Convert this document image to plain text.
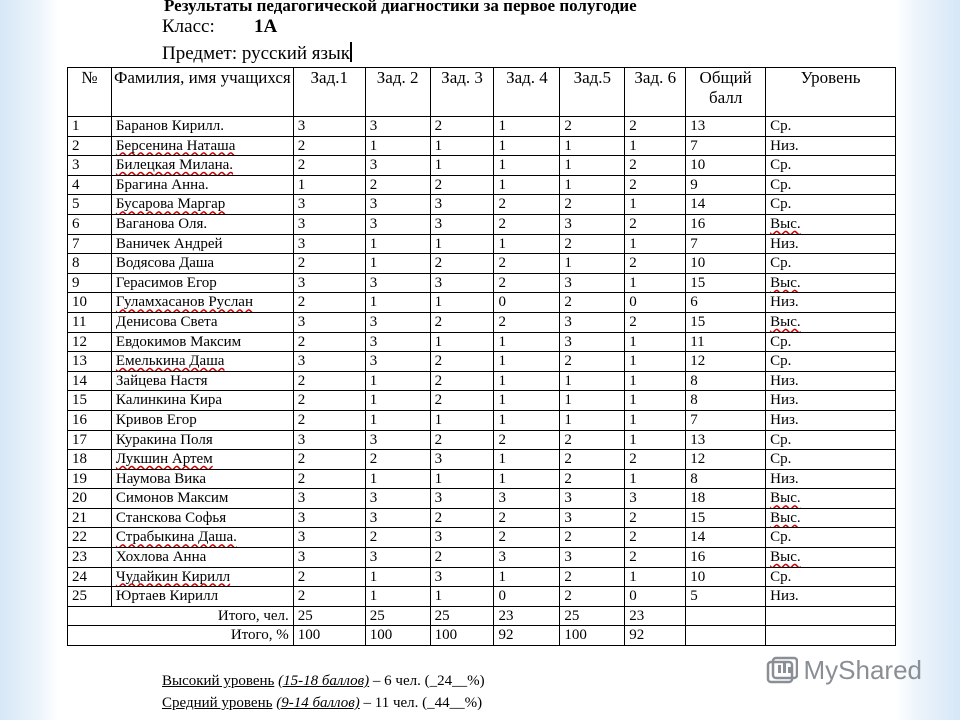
Результаты педагогической диагностики за первое полугодие
Класс: 1А
Предмет: русский язык
№	Фамилия, имя учащихся	Зад.1	Зад. 2	Зад. 3	Зад. 4	Зад.5	Зад. 6	Общий балл	Уровень
1	Баранов Кирилл.	3	3	2	1	2	2	13	Ср.
2	Берсенина Наташа	2	1	1	1	1	1	7	Низ.
3	Билецкая Милана.	2	3	1	1	1	2	10	Ср.
4	Брагина Анна.	1	2	2	1	1	2	9	Ср.
5	Бусарова Маргар	3	3	3	2	2	1	14	Ср.
6	Ваганова Оля.	3	3	3	2	3	2	16	Выс.
7	Ваничек Андрей	3	1	1	1	2	1	7	Низ.
8	Водясова Даша	2	1	2	2	1	2	10	Ср.
9	Герасимов Егор	3	3	3	2	3	1	15	Выс.
10	Гуламхасанов Руслан	2	1	1	0	2	0	6	Низ.
11	Денисова Света	3	3	2	2	3	2	15	Выс.
12	Евдокимов Максим	2	3	1	1	3	1	11	Ср.
13	Емелькина Даша	3	3	2	1	2	1	12	Ср.
14	Зайцева Настя	2	1	2	1	1	1	8	Низ.
15	Калинкина Кира	2	1	2	1	1	1	8	Низ.
16	Кривов Егор	2	1	1	1	1	1	7	Низ.
17	Куракина Поля	3	3	2	2	2	1	13	Ср.
18	Лукшин Артем	2	2	3	1	2	2	12	Ср.
19	Наумова Вика	2	1	1	1	2	1	8	Низ.
20	Симонов Максим	3	3	3	3	3	3	18	Выс.
21	Станскова Софья	3	3	2	2	3	2	15	Выс.
22	Страбыкина Даша.	3	2	3	2	2	2	14	Ср.
23	Хохлова Анна	3	3	2	3	3	2	16	Выс.
24	Чудайкин Кирилл	2	1	3	1	2	1	10	Ср.
25	Юртаев Кирилл	2	1	1	0	2	0	5	Низ.
Итого, чел.		25	25	25	23	25	23		
Итого, %		100	100	100	92	100	92		
Высокий уровень (15-18 баллов) – 6 чел. (_24__%)
Средний уровень (9-14 баллов) – 11 чел. (_44__%)
MyShared
